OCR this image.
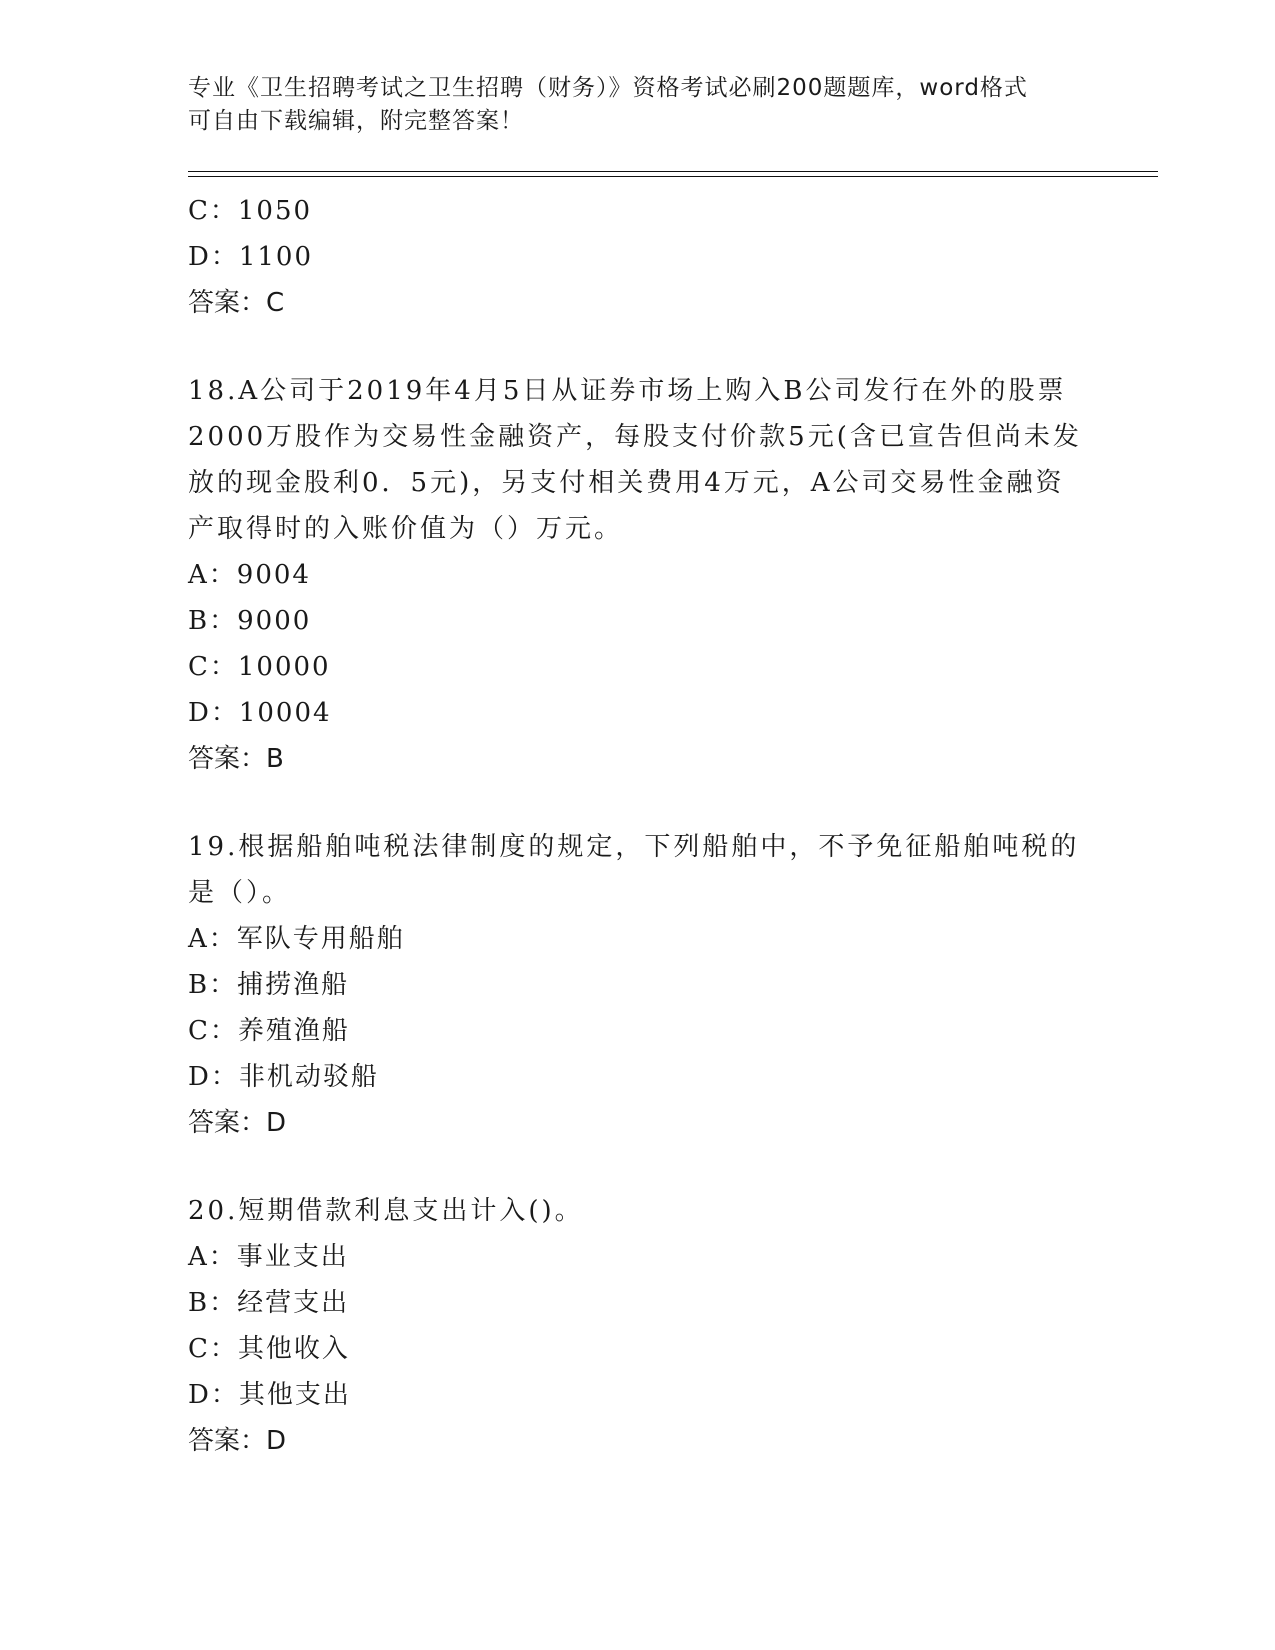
专业《卫生招聘考试之卫生招聘（财务）》资格考试必刷200题题库，word格式
可自由下载编辑，附完整答案！
C：1050
D：1100
答案：C
18.A公司于2019年4月5日从证券市场上购入B公司发行在外的股票
2000万股作为交易性金融资产，每股支付价款5元(含已宣告但尚未发
放的现金股利0．5元)，另支付相关费用4万元，A公司交易性金融资
产取得时的入账价值为（）万元。
A：9004
B：9000
C：10000
D：10004
答案：B
19.根据船舶吨税法律制度的规定，下列船舶中，不予免征船舶吨税的
是（）。
A：军队专用船舶
B：捕捞渔船
C：养殖渔船
D：非机动驳船
答案：D
20.短期借款利息支出计入()。
A：事业支出
B：经营支出
C：其他收入
D：其他支出
答案：D
